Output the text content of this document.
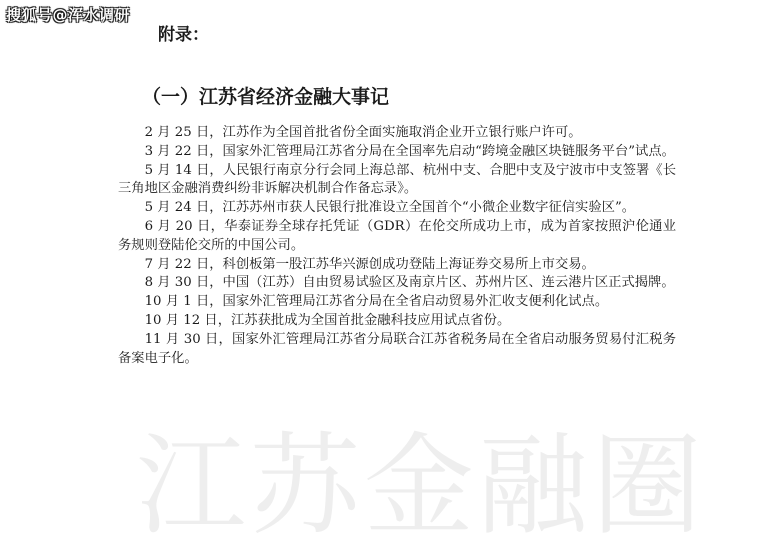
搜狐号@浑水调研
附录：
（一）江苏省经济金融大事记

2 月 25 日，江苏作为全国首批省份全面实施取消企业开立银行账户许可。

3 月 22 日，国家外汇管理局江苏省分局在全国率先启动“跨境金融区块链服务平台”试点。

5 月 14 日，人民银行南京分行会同上海总部、杭州中支、合肥中支及宁波市中支签署《长三角地区金融消费纠纷非诉解决机制合作备忘录》。

5 月 24 日，江苏苏州市获人民银行批准设立全国首个“小微企业数字征信实验区”。

6 月 20 日，华泰证券全球存托凭证（GDR）在伦交所成功上市，成为首家按照沪伦通业务规则登陆伦交所的中国公司。

7 月 22 日，科创板第一股江苏华兴源创成功登陆上海证券交易所上市交易。

8 月 30 日，中国（江苏）自由贸易试验区及南京片区、苏州片区、连云港片区正式揭牌。

10 月 1 日，国家外汇管理局江苏省分局在全省启动贸易外汇收支便利化试点。

10 月 12 日，江苏获批成为全国首批金融科技应用试点省份。

11 月 30 日，国家外汇管理局江苏省分局联合江苏省税务局在全省启动服务贸易付汇税务备案电子化。

江苏金融圈
